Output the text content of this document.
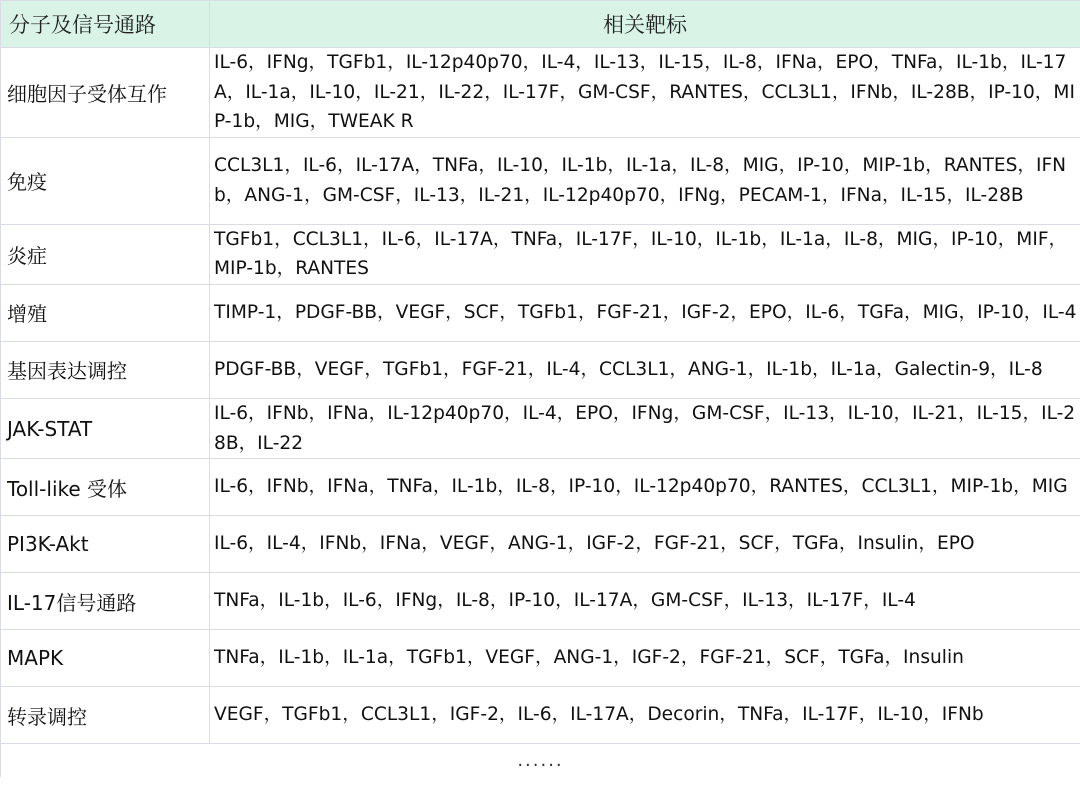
分子及信号通路	相关靶标
细胞因子受体互作	IL-6，IFNg，TGFb1，IL-12p40p70，IL-4，IL-13，IL-15，IL-8，IFNa，EPO，TNFa，IL-1b，IL-17A，IL-1a，IL-10，IL-21，IL-22，IL-17F，GM-CSF，RANTES，CCL3L1，IFNb，IL-28B，IP-10，MIP-1b，MIG，TWEAK R
免疫	CCL3L1，IL-6，IL-17A，TNFa，IL-10，IL-1b，IL-1a，IL-8，MIG，IP-10，MIP-1b，RANTES，IFNb，ANG-1，GM-CSF，IL-13，IL-21，IL-12p40p70，IFNg，PECAM-1，IFNa，IL-15，IL-28B
炎症	TGFb1，CCL3L1，IL-6，IL-17A，TNFa，IL-17F，IL-10，IL-1b，IL-1a，IL-8，MIG，IP-10，MIF，MIP-1b，RANTES
增殖	TIMP-1，PDGF-BB，VEGF，SCF，TGFb1，FGF-21，IGF-2，EPO，IL-6，TGFa，MIG，IP-10，IL-4
基因表达调控	PDGF-BB，VEGF，TGFb1，FGF-21，IL-4，CCL3L1，ANG-1，IL-1b，IL-1a，Galectin-9，IL-8
JAK-STAT	IL-6，IFNb，IFNa，IL-12p40p70，IL-4，EPO，IFNg，GM-CSF，IL-13，IL-10，IL-21，IL-15，IL-28B，IL-22
Toll-like 受体	IL-6，IFNb，IFNa，TNFa，IL-1b，IL-8，IP-10，IL-12p40p70，RANTES，CCL3L1，MIP-1b，MIG
PI3K-Akt	IL-6，IL-4，IFNb，IFNa，VEGF，ANG-1，IGF-2，FGF-21，SCF，TGFa，Insulin，EPO
IL-17信号通路	TNFa，IL-1b，IL-6，IFNg，IL-8，IP-10，IL-17A，GM-CSF，IL-13，IL-17F，IL-4
MAPK	TNFa，IL-1b，IL-1a，TGFb1，VEGF，ANG-1，IGF-2，FGF-21，SCF，TGFa，Insulin
转录调控	VEGF，TGFb1，CCL3L1，IGF-2，IL-6，IL-17A，Decorin，TNFa，IL-17F，IL-10，IFNb
......	
